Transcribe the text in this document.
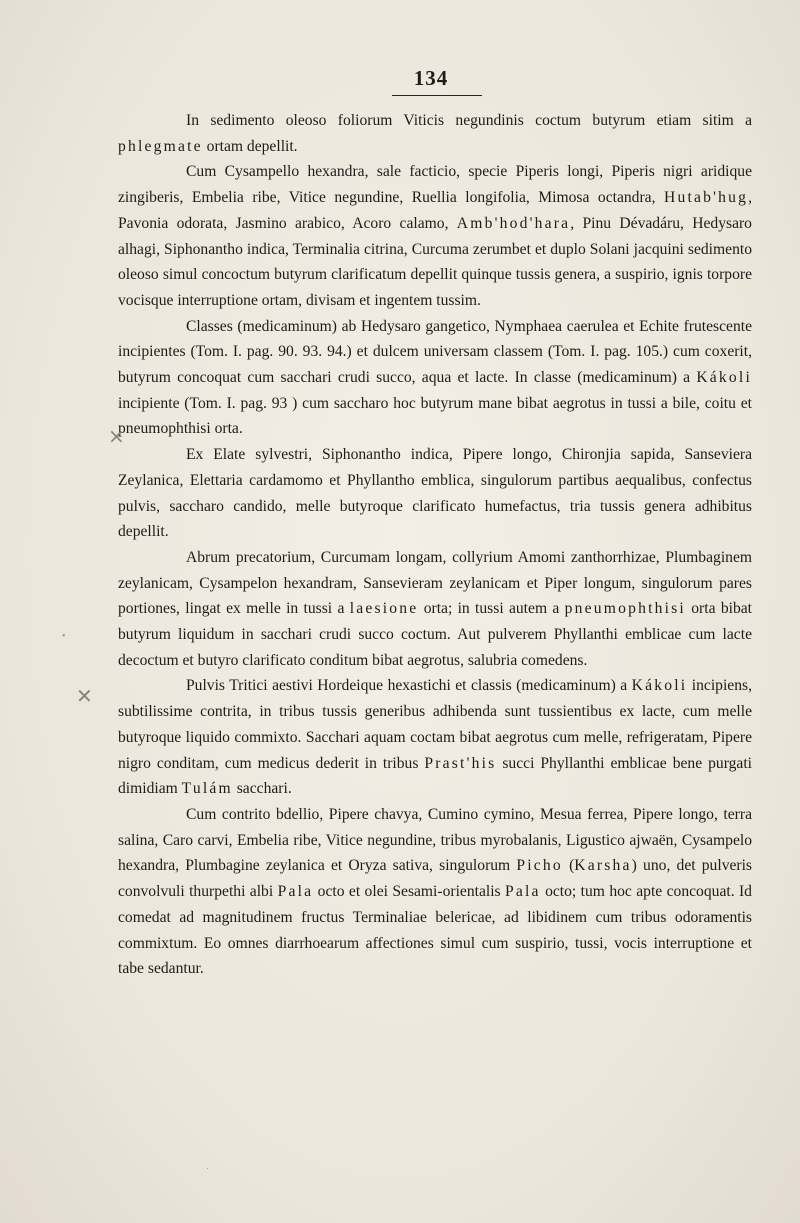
134

In sedimento oleoso foliorum Viticis negundinis coctum butyrum etiam sitim a phlegmate ortam depellit.

Cum Cysampello hexandra, sale facticio, specie Piperis longi, Piperis nigri aridique zingiberis, Embelia ribe, Vitice negundine, Ruellia longifolia, Mimosa octandra, Hutab'hug, Pavonia odorata, Jasmino arabico, Acoro calamo, Amb'hod'hara, Pinu Dévadáru, Hedysaro alhagi, Siphonantho indica, Terminalia citrina, Curcuma zerumbet et duplo Solani jacquini sedimento oleoso simul concoctum butyrum clarificatum depellit quinque tussis genera, a suspirio, ignis torpore vocisque interruptione ortam, divisam et ingentem tussim.

Classes (medicaminum) ab Hedysaro gangetico, Nymphaea caerulea et Echite frutescente incipientes (Tom. I. pag. 90. 93. 94.) et dulcem universam classem (Tom. I. pag. 105.) cum coxerit, butyrum concoquat cum sacchari crudi succo, aqua et lacte. In classe (medicaminum) a Kákoli incipiente (Tom. I. pag. 93 ) cum saccharo hoc butyrum mane bibat aegrotus in tussi a bile, coitu et pneumophthisi orta.

Ex Elate sylvestri, Siphonantho indica, Pipere longo, Chironjia sapida, Sanseviera Zeylanica, Elettaria cardamomo et Phyllantho emblica, singulorum partibus aequalibus, confectus pulvis, saccharo candido, melle butyroque clarificato humefactus, tria tussis genera adhibitus depellit.

Abrum precatorium, Curcumam longam, collyrium Amomi zanthorrhizae, Plumbaginem zeylanicam, Cysampelon hexandram, Sansevieram zeylanicam et Piper longum, singulorum pares portiones, lingat ex melle in tussi a laesione orta; in tussi autem a pneumophthisi orta bibat butyrum liquidum in sacchari crudi succo coctum. Aut pulverem Phyllanthi emblicae cum lacte decoctum et butyro clarificato conditum bibat aegrotus, salubria comedens.

Pulvis Tritici aestivi Hordeique hexastichi et classis (medicaminum) a Kákoli incipiens, subtilissime contrita, in tribus tussis generibus adhibenda sunt tussientibus ex lacte, cum melle butyroque liquido commixto. Sacchari aquam coctam bibat aegrotus cum melle, refrigeratam, Pipere nigro conditam, cum medicus dederit in tribus Prast'his succi Phyllanthi emblicae bene purgati dimidiam Tulám sacchari.

Cum contrito bdellio, Pipere chavya, Cumino cymino, Mesua ferrea, Pipere longo, terra salina, Caro carvi, Embelia ribe, Vitice negundine, tribus myrobalanis, Ligustico ajwaën, Cysampelo hexandra, Plumbagine zeylanica et Oryza sativa, singulorum Picho (Karsha) uno, det pulveris convolvuli thurpethi albi Pala octo et olei Sesami-orientalis Pala octo; tum hoc apte concoquat. Id comedat ad magnitudinem fructus Terminaliae belericae, ad libidinem cum tribus odoramentis commixtum. Eo omnes diarrhoearum affectiones simul cum suspirio, tussi, vocis interruptione et tabe sedantur.

×
✕
•
·
